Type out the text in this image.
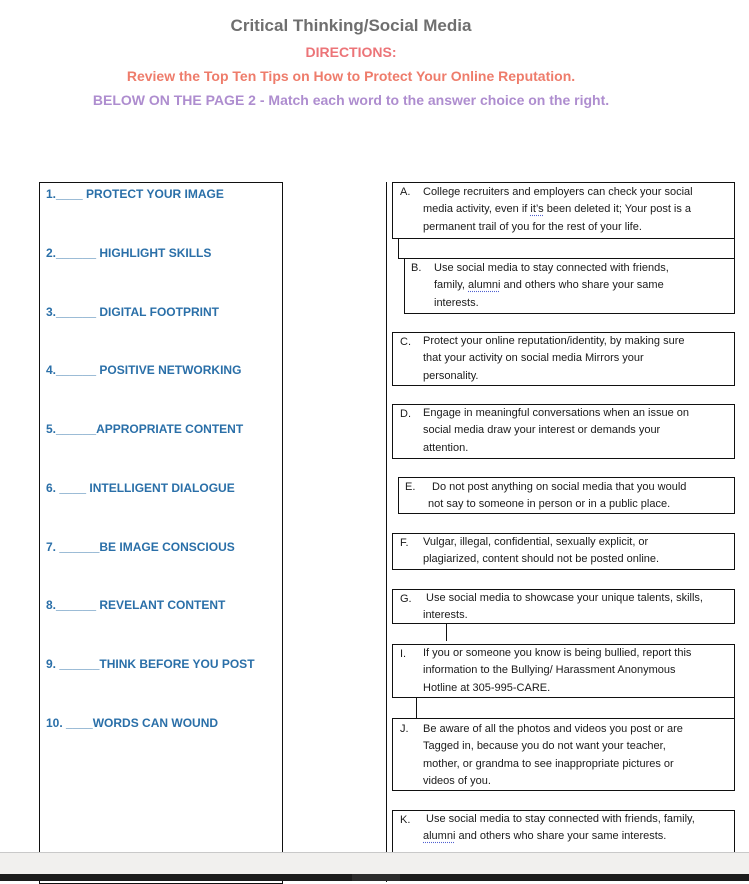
Critical Thinking/Social Media
DIRECTIONS:
Review the Top Ten Tips on How to Protect Your Online Reputation.
BELOW ON THE PAGE 2 - Match each word to the answer choice on the right.
1.____ PROTECT YOUR IMAGE
2.______ HIGHLIGHT SKILLS
3.______ DIGITAL FOOTPRINT
4.______ POSITIVE NETWORKING
5.______APPROPRIATE CONTENT
6. ____ INTELLIGENT DIALOGUE
7. ______BE IMAGE CONSCIOUS
8.______ REVELANT CONTENT
9. ______THINK BEFORE YOU POST
10. ____WORDS CAN WOUND
A. College recruiters and employers can check your social
media activity, even if it’s been deleted it; Your post is a
permanent trail of you for the rest of your life.
B. Use social media to stay connected with friends,
family, alumni and others who share your same
interests.
C. Protect your online reputation/identity, by making sure
that your activity on social media Mirrors your
personality.
D. Engage in meaningful conversations when an issue on
social media draw your interest or demands your
attention.
E. Do not post anything on social media that you would
not say to someone in person or in a public place.
F. Vulgar, illegal, confidential, sexually explicit, or
plagiarized, content should not be posted online.
G. Use social media to showcase your unique talents, skills,
interests.
I. If you or someone you know is being bullied, report this
information to the Bullying/ Harassment Anonymous
Hotline at 305-995-CARE.
J. Be aware of all the photos and videos you post or are
Tagged in, because you do not want your teacher,
mother, or grandma to see inappropriate pictures or
videos of you.
K. Use social media to stay connected with friends, family,
alumni and others who share your same interests.
